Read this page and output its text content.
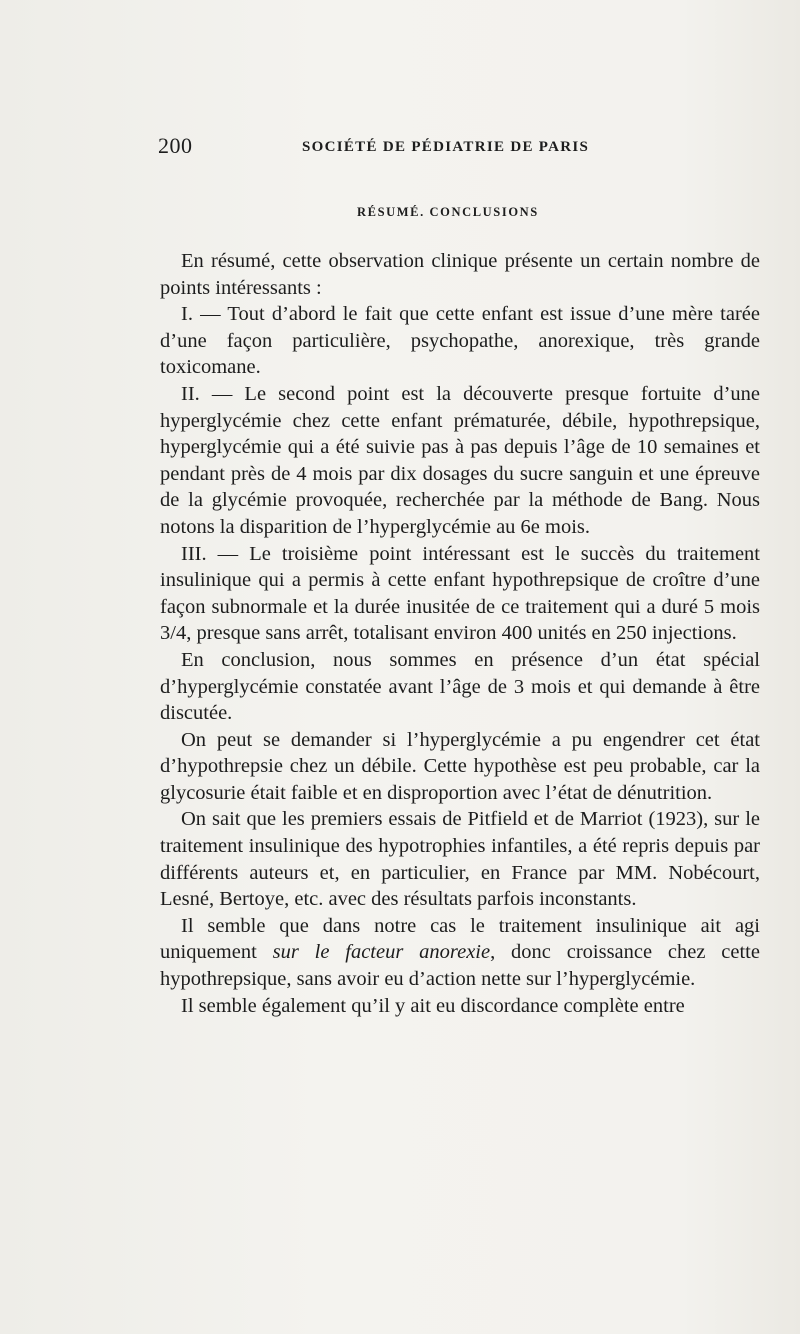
200	SOCIÉTÉ DE PÉDIATRIE DE PARIS
RÉSUMÉ. CONCLUSIONS

En résumé, cette observation clinique présente un certain nombre de points intéressants :

I. — Tout d’abord le fait que cette enfant est issue d’une mère tarée d’une façon particulière, psychopathe, anorexique, très grande toxicomane.

II. — Le second point est la découverte presque fortuite d’une hyperglycémie chez cette enfant prématurée, débile, hypothrepsique, hyperglycémie qui a été suivie pas à pas depuis l’âge de 10 semaines et pendant près de 4 mois par dix dosages du sucre sanguin et une épreuve de la glycémie provoquée, recherchée par la méthode de Bang. Nous notons la disparition de l’hyperglycémie au 6e mois.

III. — Le troisième point intéressant est le succès du traitement insulinique qui a permis à cette enfant hypothrepsique de croître d’une façon subnormale et la durée inusitée de ce traitement qui a duré 5 mois 3/4, presque sans arrêt, totalisant environ 400 unités en 250 injections.

En conclusion, nous sommes en présence d’un état spécial d’hyperglycémie constatée avant l’âge de 3 mois et qui demande à être discutée.

On peut se demander si l’hyperglycémie a pu engendrer cet état d’hypothrepsie chez un débile. Cette hypothèse est peu probable, car la glycosurie était faible et en disproportion avec l’état de dénutrition.

On sait que les premiers essais de Pitfield et de Marriot (1923), sur le traitement insulinique des hypotrophies infantiles, a été repris depuis par différents auteurs et, en particulier, en France par MM. Nobécourt, Lesné, Bertoye, etc. avec des résultats parfois inconstants.

Il semble que dans notre cas le traitement insulinique ait agi uniquement sur le facteur anorexie, donc croissance chez cette hypothrepsique, sans avoir eu d’action nette sur l’hyperglycémie.

Il semble également qu’il y ait eu discordance complète entre
